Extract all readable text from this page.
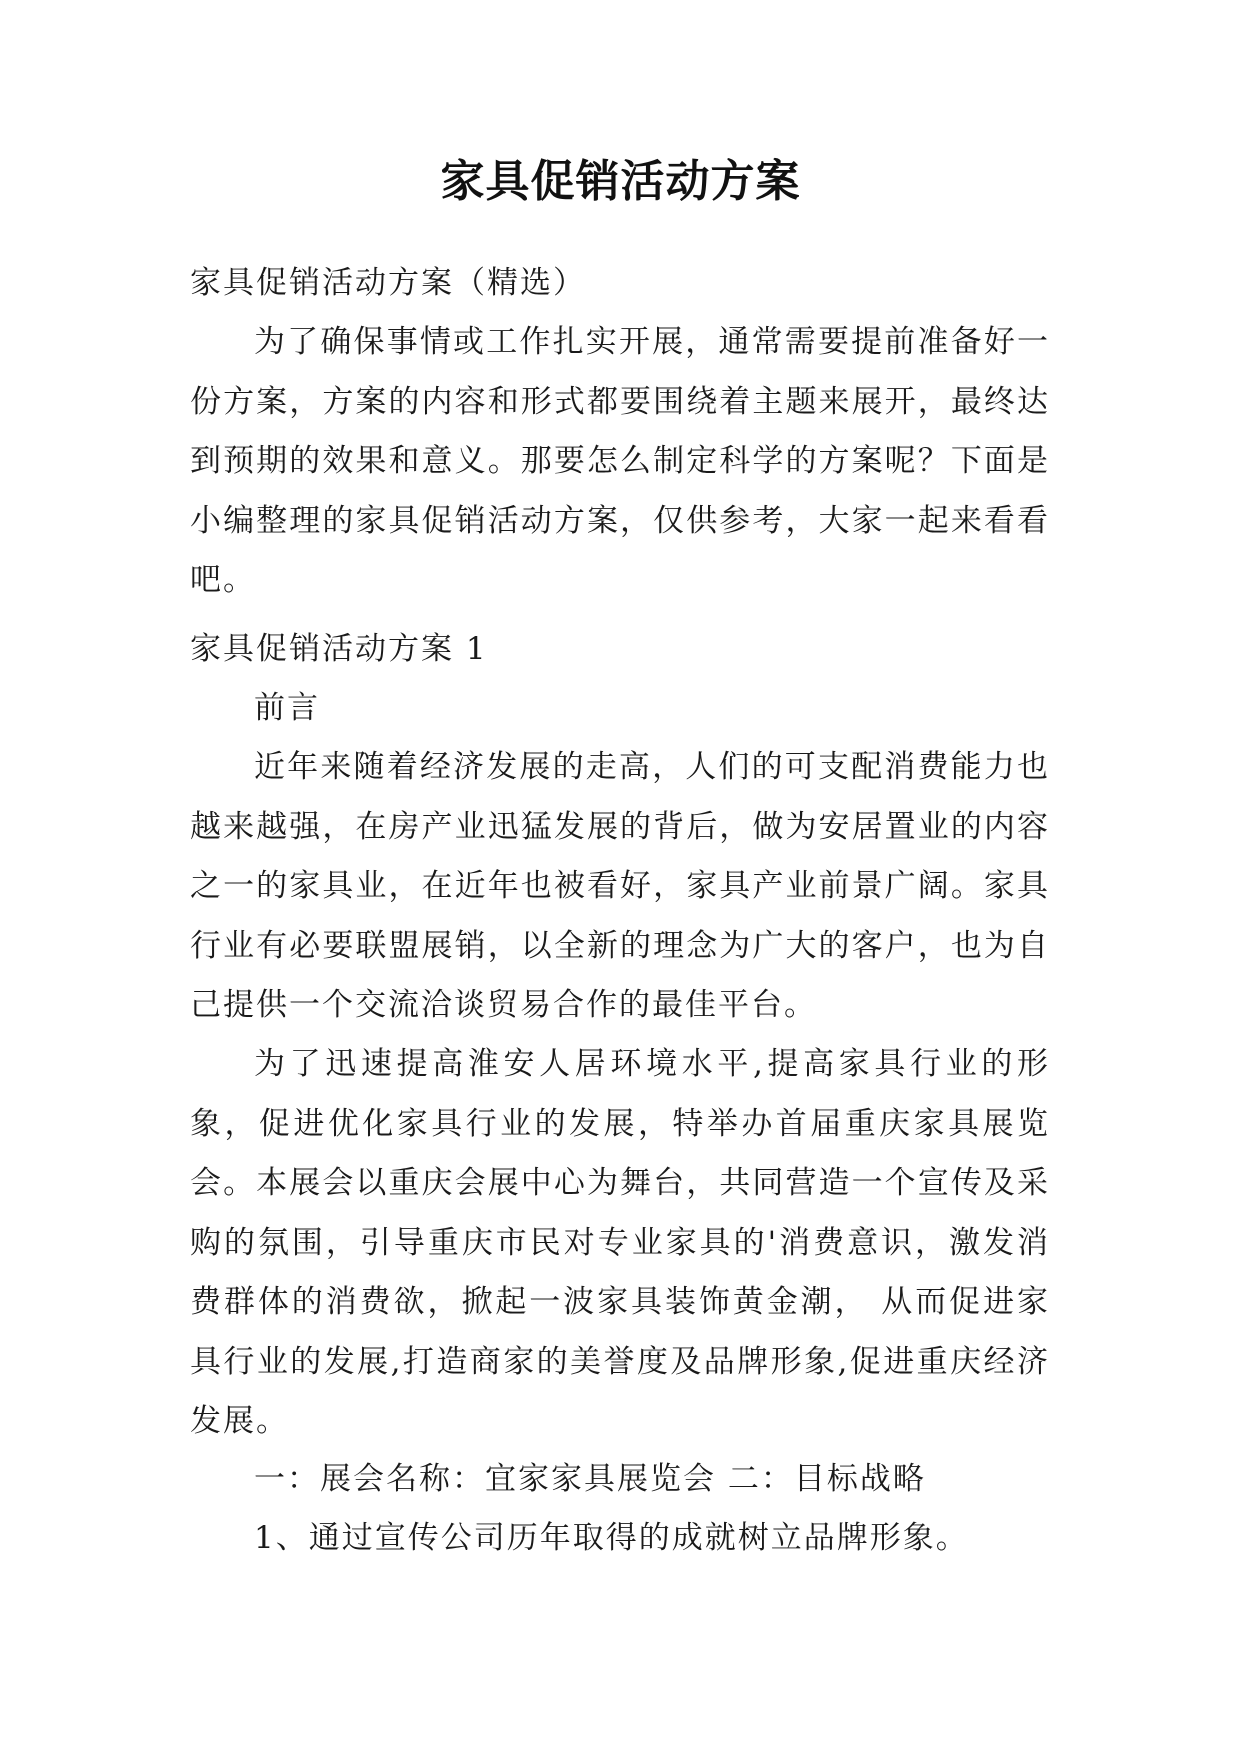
家具促销活动方案

家具促销活动方案（精选）

为了确保事情或工作扎实开展，通常需要提前准备好一份方案，方案的内容和形式都要围绕着主题来展开，最终达到预期的效果和意义。那要怎么制定科学的方案呢？下面是小编整理的家具促销活动方案，仅供参考，大家一起来看看吧。

家具促销活动方案 1

前言

近年来随着经济发展的走高，人们的可支配消费能力也越来越强，在房产业迅猛发展的背后，做为安居置业的内容之一的家具业，在近年也被看好，家具产业前景广阔。家具行业有必要联盟展销，以全新的理念为广大的客户，也为自己提供一个交流洽谈贸易合作的最佳平台。

为了迅速提高淮安人居环境水平,提高家具行业的形象，促进优化家具行业的发展，特举办首届重庆家具展览会。本展会以重庆会展中心为舞台，共同营造一个宣传及采购的氛围，引导重庆市民对专业家具的'消费意识，激发消费群体的消费欲，掀起一波家具装饰黄金潮， 从而促进家具行业的发展,打造商家的美誉度及品牌形象,促进重庆经济发展。

一：展会名称：宜家家具展览会 二：目标战略

1、通过宣传公司历年取得的成就树立品牌形象。
